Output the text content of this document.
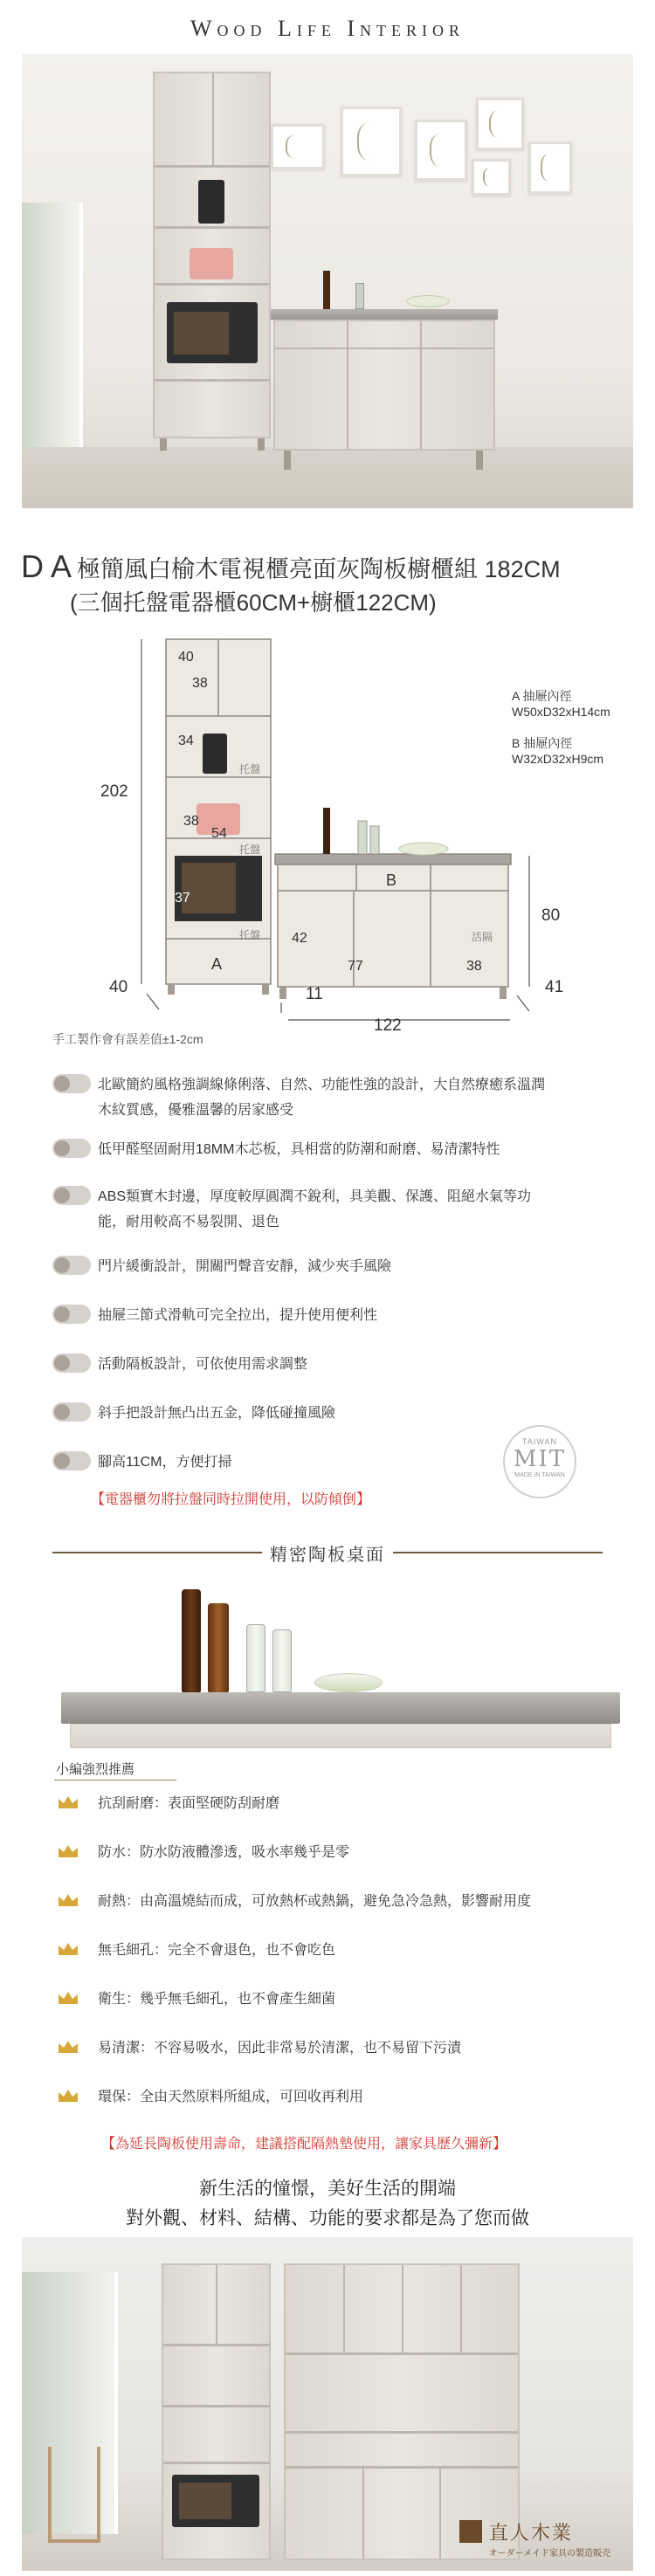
Wood Life Interior
D A 極簡風白榆木電視櫃亮面灰陶板櫥櫃組 182CM
(三個托盤電器櫃60CM+櫥櫃122CM)
202
40	41
122
80
11
40
38
34
38
54
37
42
77	38
A
B
托盤
托盤
托盤	活隔
A 抽屜內徑
W50xD32xH14cm
B 抽屜內徑
W32xD32xH9cm
手工製作會有誤差值±1-2cm
北歐簡約風格強調線條俐落、自然、功能性強的設計，大自然療癒系溫潤木紋質感，優雅溫馨的居家感受
低甲醛堅固耐用18MM木芯板，具相當的防潮和耐磨、易清潔特性
ABS類實木封邊，厚度較厚圓潤不銳利，具美觀、保護、阻絕水氣等功能，耐用較高不易裂開、退色
門片緩衝設計，開關門聲音安靜，減少夾手風險
抽屜三節式滑軌可完全拉出，提升使用便利性
活動隔板設計，可依使用需求調整
斜手把設計無凸出五金，降低碰撞風險
腳高11CM，方便打掃
【電器櫃勿將拉盤同時拉開使用，以防傾倒】
TAIWAN
MIT
MADE IN TAIWAN
精密陶板桌面
小編強烈推薦
抗刮耐磨：表面堅硬防刮耐磨
防水：防水防液體滲透，吸水率幾乎是零
耐熱：由高溫燒結而成，可放熱杯或熱鍋，避免急冷急熱，影響耐用度
無毛細孔：完全不會退色，也不會吃色
衛生：幾乎無毛細孔，也不會產生細菌
易清潔：不容易吸水，因此非常易於清潔，也不易留下污漬
環保：全由天然原料所組成，可回收再利用
【為延長陶板使用壽命，建議搭配隔熱墊使用，讓家具歷久彌新】
新生活的憧憬，美好生活的開端
對外觀、材料、結構、功能的要求都是為了您而做
直人木業
オーダーメイド家具の製造販売
